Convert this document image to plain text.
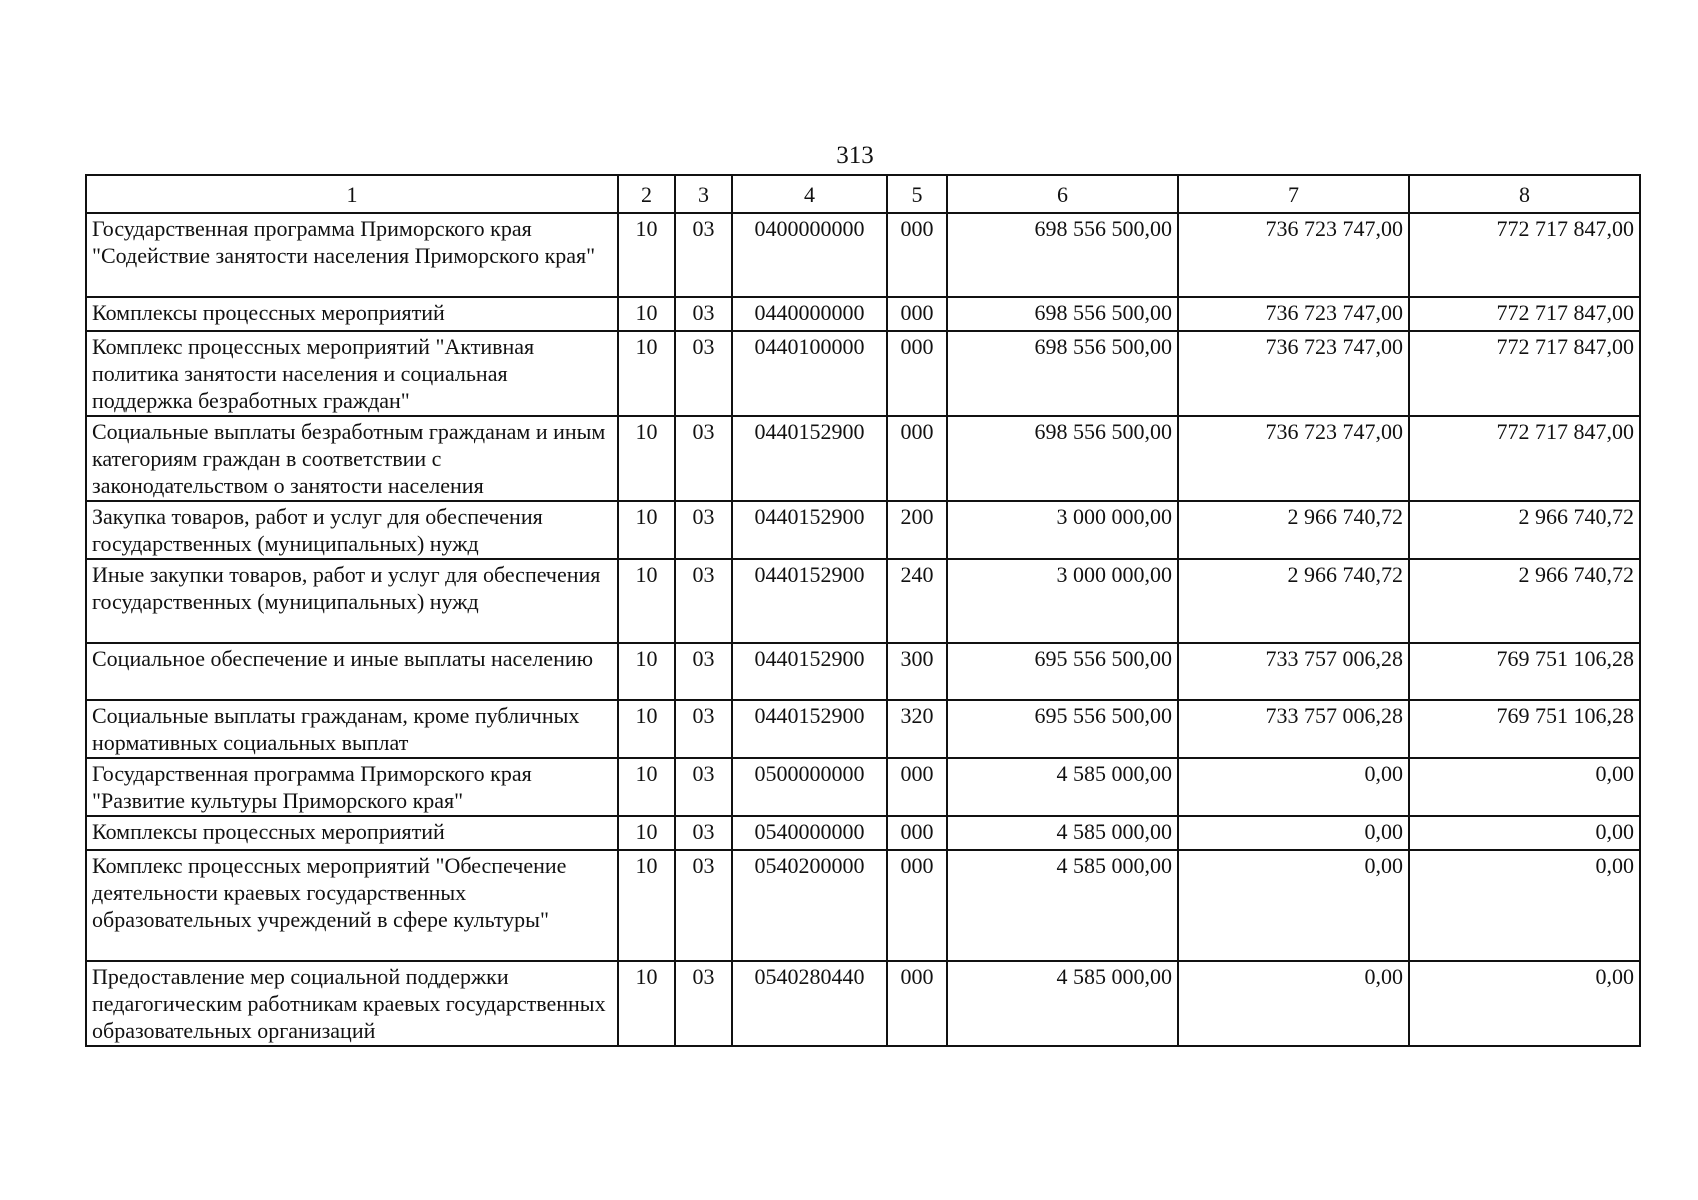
313
1	2	3	4	5	6	7	8
Государственная программа Приморского края "Содействие занятости населения Приморского края"	10	03	0400000000	000	698 556 500,00	736 723 747,00	772 717 847,00
Комплексы процессных мероприятий	10	03	0440000000	000	698 556 500,00	736 723 747,00	772 717 847,00
Комплекс процессных мероприятий "Активная политика занятости населения и социальная поддержка безработных граждан"	10	03	0440100000	000	698 556 500,00	736 723 747,00	772 717 847,00
Социальные выплаты безработным гражданам и иным категориям граждан в соответствии с законодательством о занятости населения	10	03	0440152900	000	698 556 500,00	736 723 747,00	772 717 847,00
Закупка товаров, работ и услуг для обеспечения государственных (муниципальных) нужд	10	03	0440152900	200	3 000 000,00	2 966 740,72	2 966 740,72
Иные закупки товаров, работ и услуг для обеспечения государственных (муниципальных) нужд	10	03	0440152900	240	3 000 000,00	2 966 740,72	2 966 740,72
Социальное обеспечение и иные выплаты населению	10	03	0440152900	300	695 556 500,00	733 757 006,28	769 751 106,28
Социальные выплаты гражданам, кроме публичных нормативных социальных выплат	10	03	0440152900	320	695 556 500,00	733 757 006,28	769 751 106,28
Государственная программа Приморского края "Развитие культуры Приморского края"	10	03	0500000000	000	4 585 000,00	0,00	0,00
Комплексы процессных мероприятий	10	03	0540000000	000	4 585 000,00	0,00	0,00
Комплекс процессных мероприятий "Обеспечение деятельности краевых государственных образовательных учреждений в сфере культуры"	10	03	0540200000	000	4 585 000,00	0,00	0,00
Предоставление мер социальной поддержки педагогическим работникам краевых государственных образовательных организаций	10	03	0540280440	000	4 585 000,00	0,00	0,00
